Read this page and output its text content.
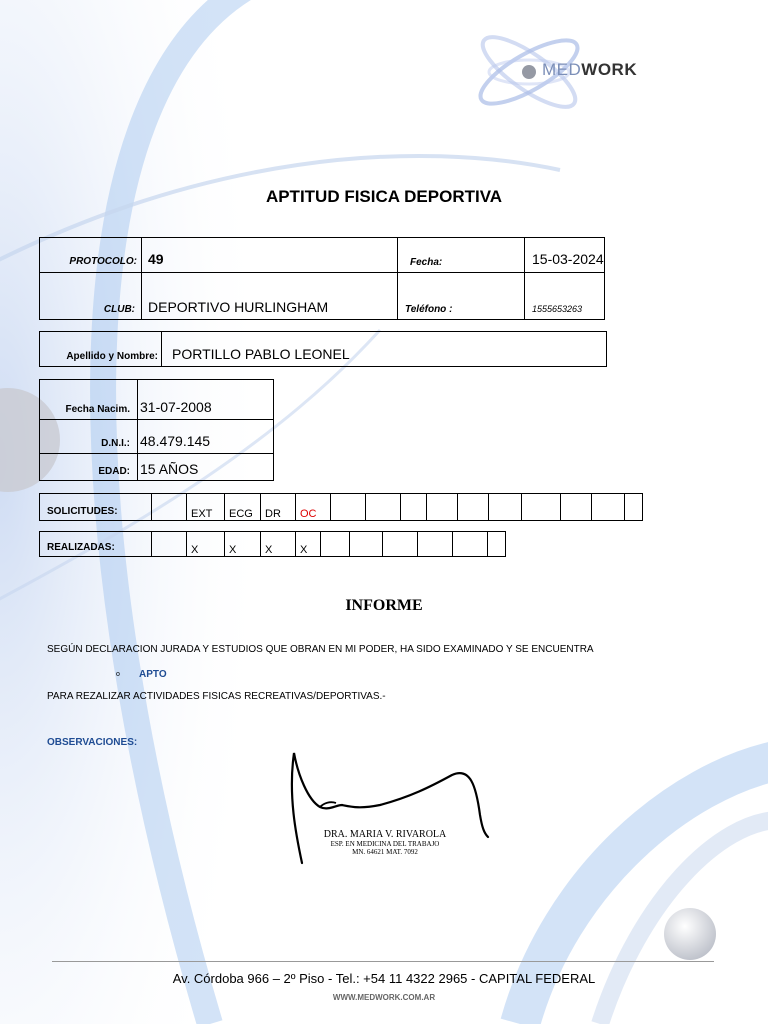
MEDWORK
APTITUD FISICA DEPORTIVA
PROTOCOLO:	49	Fecha:	15-03-2024
CLUB:	DEPORTIVO HURLINGHAM	Teléfono :	1555653263
Apellido y Nombre:	PORTILLO PABLO LEONEL
Fecha Nacim.	31-07-2008
D.N.I.:	48.479.145
EDAD:	15 AÑOS
SOLICITUDES:		EXT	ECG	DR	OC										
REALIZADAS:		X	X	X	X						
INFORME
SEGÚN DECLARACION JURADA Y ESTUDIOS QUE OBRAN EN MI PODER, HA SIDO EXAMINADO Y SE ENCUENTRA
o APTO
PARA REZALIZAR ACTIVIDADES FISICAS RECREATIVAS/DEPORTIVAS.-
OBSERVACIONES:
DRA. MARIA V. RIVAROLA
ESP. EN MEDICINA DEL TRABAJO
MN. 64621 MAT. 7092
Av. Córdoba 966 – 2º Piso - Tel.: +54 11 4322 2965 - CAPITAL FEDERAL
WWW.MEDWORK.COM.AR
